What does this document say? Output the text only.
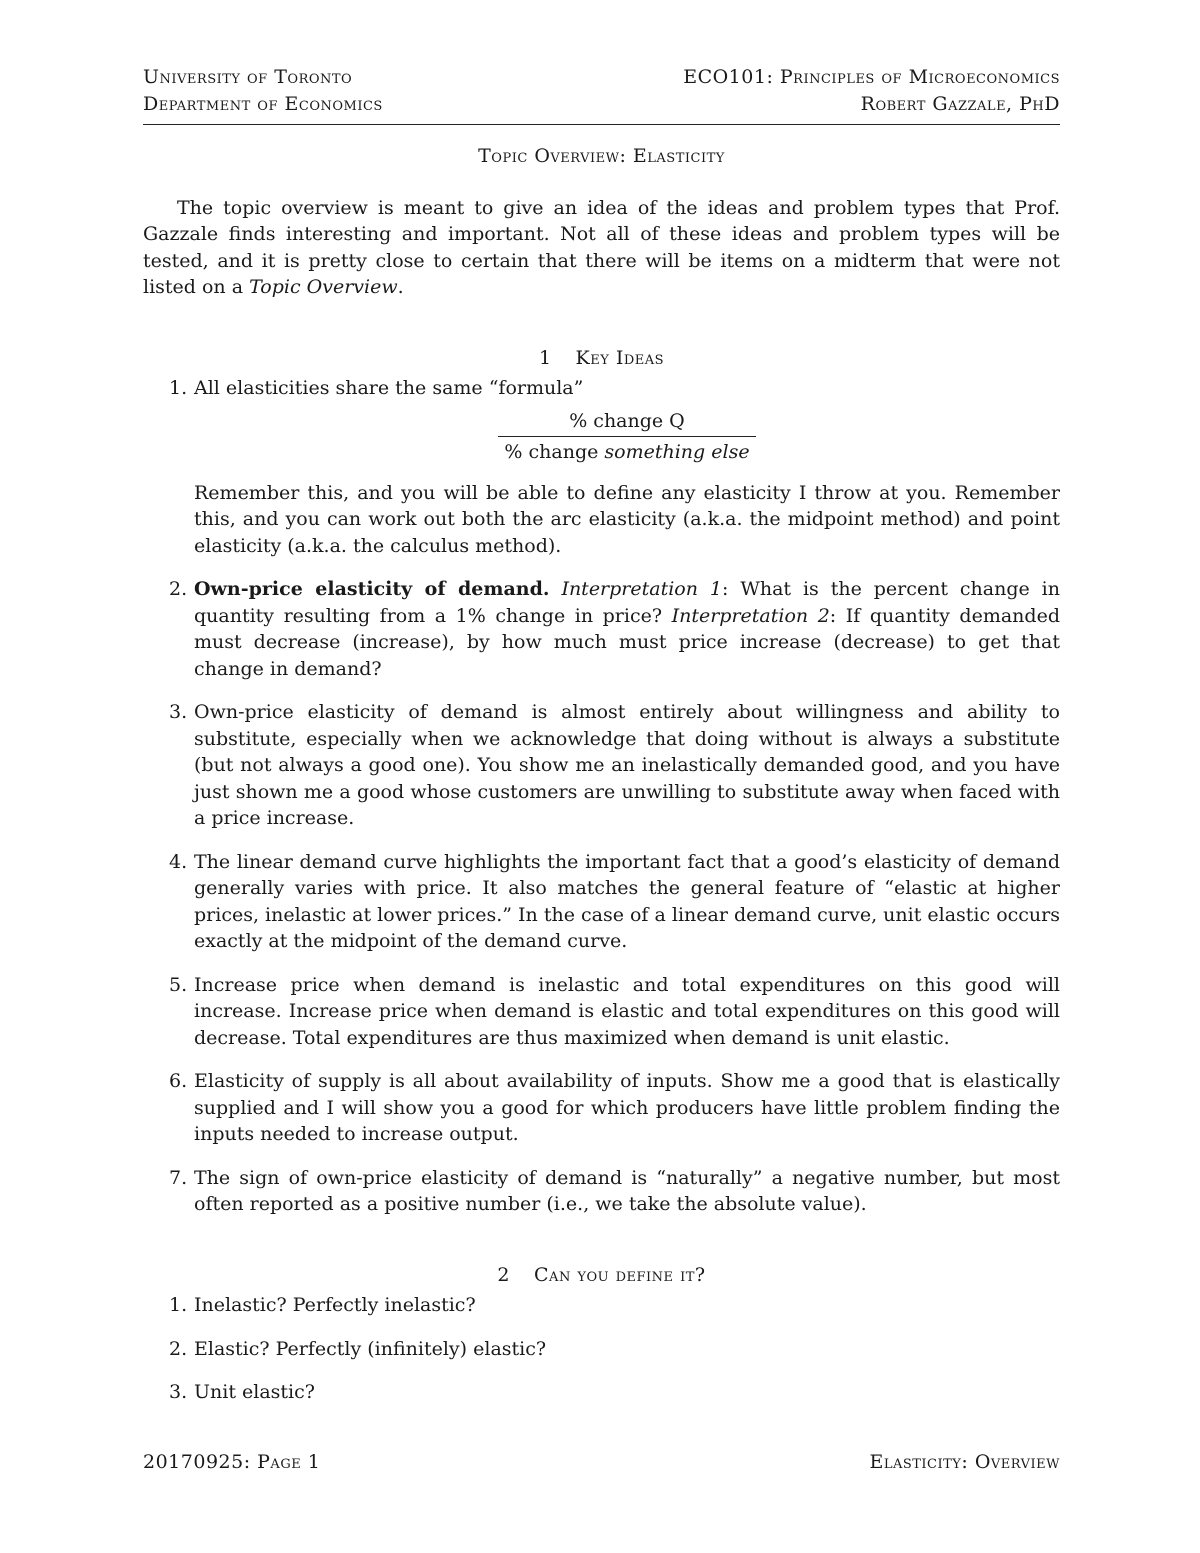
University of Toronto	ECO101: Principles of Microeconomics
Department of Economics	Robert Gazzale, PhD
Topic Overview: Elasticity

The topic overview is meant to give an idea of the ideas and problem types that Prof. Gazzale finds interesting and important. Not all of these ideas and problem types will be tested, and it is pretty close to certain that there will be items on a midterm that were not listed on a Topic Overview.

1 Key Ideas
1. All elasticities share the same “formula”
$\frac{\text{\% change Q}}{\text{\% change something else}}$
Remember this, and you will be able to define any elasticity I throw at you. Remember this, and you can work out both the arc elasticity (a.k.a. the midpoint method) and point elasticity (a.k.a. the calculus method).
2. Own-price elasticity of demand. Interpretation 1: What is the percent change in quantity resulting from a 1% change in price? Interpretation 2: If quantity demanded must decrease (increase), by how much must price increase (decrease) to get that change in demand?
3. Own-price elasticity of demand is almost entirely about willingness and ability to substitute, especially when we acknowledge that doing without is always a substitute (but not always a good one). You show me an inelastically demanded good, and you have just shown me a good whose customers are unwilling to substitute away when faced with a price increase.
4. The linear demand curve highlights the important fact that a good’s elasticity of demand generally varies with price. It also matches the general feature of “elastic at higher prices, inelastic at lower prices.” In the case of a linear demand curve, unit elastic occurs exactly at the midpoint of the demand curve.
5. Increase price when demand is inelastic and total expenditures on this good will increase. Increase price when demand is elastic and total expenditures on this good will decrease. Total expenditures are thus maximized when demand is unit elastic.
6. Elasticity of supply is all about availability of inputs. Show me a good that is elastically supplied and I will show you a good for which producers have little problem finding the inputs needed to increase output.
7. The sign of own-price elasticity of demand is “naturally” a negative number, but most often reported as a positive number (i.e., we take the absolute value).
2 Can you define it?
1. Inelastic? Perfectly inelastic?
2. Elastic? Perfectly (infinitely) elastic?
3. Unit elastic?
20170925: Page 1	Elasticity: Overview
